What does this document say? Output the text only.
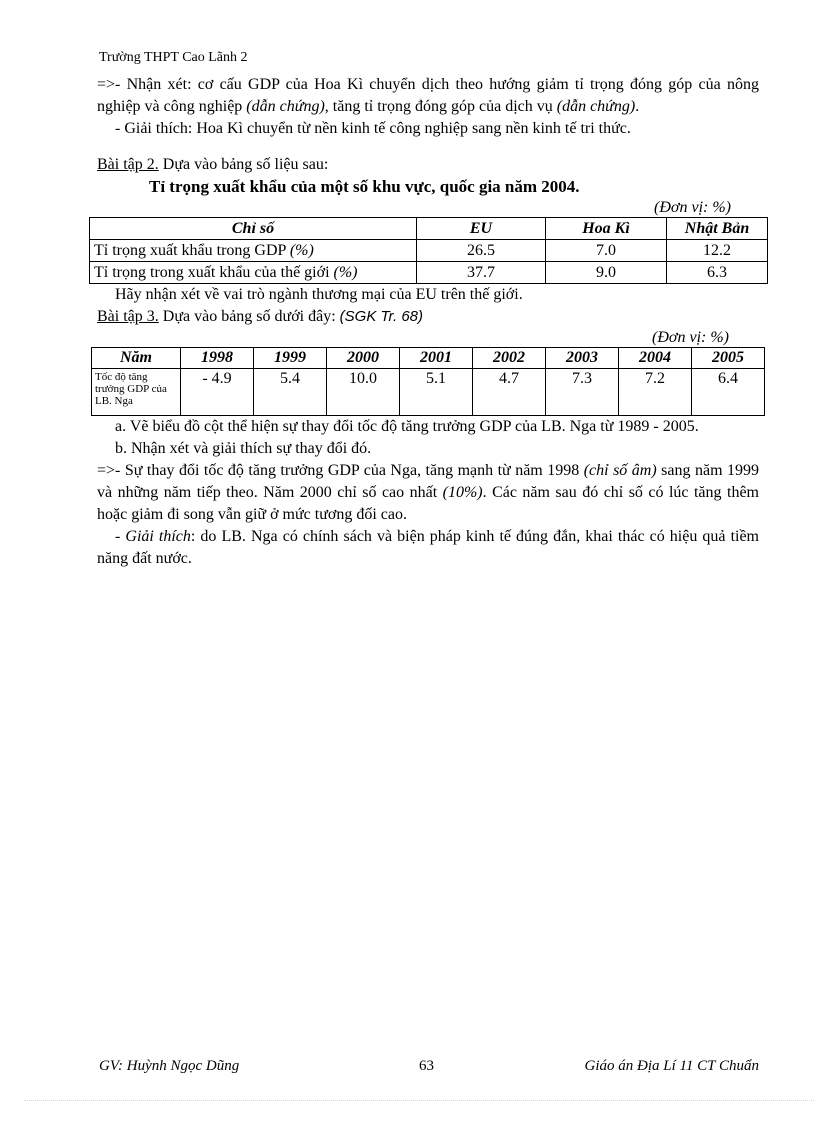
Trường THPT Cao Lãnh 2

=>- Nhận xét: cơ cấu GDP của Hoa Kì chuyển dịch theo hướng giảm tỉ trọng đóng góp của nông nghiệp và công nghiệp (dẫn chứng), tăng tỉ trọng đóng góp của dịch vụ (dẫn chứng).

- Giải thích: Hoa Kì chuyển từ nền kinh tế công nghiệp sang nền kinh tế tri thức.

Bài tập 2. Dựa vào bảng số liệu sau:

Tỉ trọng xuất khẩu của một số khu vực, quốc gia năm 2004.
(Đơn vị: %)
Chỉ số	EU	Hoa Kì	Nhật Bản
Tỉ trọng xuất khẩu trong GDP (%)	26.5	7.0	12.2
Tỉ trọng trong xuất khẩu của thế giới (%)	37.7	9.0	6.3

Hãy nhận xét về vai trò ngành thương mại của EU trên thế giới.

Bài tập 3. Dựa vào bảng số dưới đây: (SGK Tr. 68)

(Đơn vị: %)
Năm	1998	1999	2000	2001	2002	2003	2004	2005
Tốc độ tăng trưởng GDP của LB. Nga	- 4.9	5.4	10.0	5.1	4.7	7.3	7.2	6.4

a. Vẽ biểu đồ cột thể hiện sự thay đổi tốc độ tăng trưởng GDP của LB. Nga từ 1989 - 2005.

b. Nhận xét và giải thích sự thay đổi đó.

=>- Sự thay đổi tốc độ tăng trưởng GDP của Nga, tăng mạnh từ năm 1998 (chỉ số âm) sang năm 1999 và những năm tiếp theo. Năm 2000 chỉ số cao nhất (10%). Các năm sau đó chỉ số có lúc tăng thêm hoặc giảm đi song vẫn giữ ở mức tương đối cao.

- Giải thích: do LB. Nga có chính sách và biện pháp kinh tế đúng đắn, khai thác có hiệu quả tiềm năng đất nước.

GV: Huỳnh Ngọc Dũng	63	Giáo án Địa Lí 11 CT Chuẩn
